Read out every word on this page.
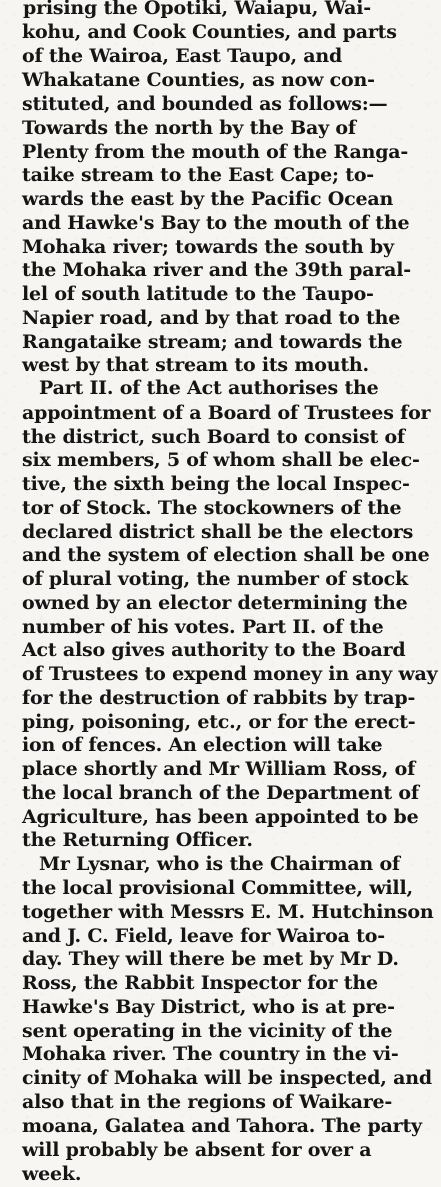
prising the Opotiki, Waiapu, Wai-
kohu, and Cook Counties, and parts
of the Wairoa, East Taupo, and
Whakatane Counties, as now con-
stituted, and bounded as follows:—
Towards the north by the Bay of
Plenty from the mouth of the Ranga-
taike stream to the East Cape; to-
wards the east by the Pacific Ocean
and Hawke's Bay to the mouth of the
Mohaka river; towards the south by
the Mohaka river and the 39th paral-
lel of south latitude to the Taupo-
Napier road, and by that road to the
Rangataike stream; and towards the
west by that stream to its mouth.
Part II. of the Act authorises the
appointment of a Board of Trustees for
the district, such Board to consist of
six members, 5 of whom shall be elec-
tive, the sixth being the local Inspec-
tor of Stock. The stockowners of the
declared district shall be the electors
and the system of election shall be one
of plural voting, the number of stock
owned by an elector determining the
number of his votes. Part II. of the
Act also gives authority to the Board
of Trustees to expend money in any way
for the destruction of rabbits by trap-
ping, poisoning, etc., or for the erect-
ion of fences. An election will take
place shortly and Mr William Ross, of
the local branch of the Department of
Agriculture, has been appointed to be
the Returning Officer.
Mr Lysnar, who is the Chairman of
the local provisional Committee, will,
together with Messrs E. M. Hutchinson
and J. C. Field, leave for Wairoa to-
day. They will there be met by Mr D.
Ross, the Rabbit Inspector for the
Hawke's Bay District, who is at pre-
sent operating in the vicinity of the
Mohaka river. The country in the vi-
cinity of Mohaka will be inspected, and
also that in the regions of Waikare-
moana, Galatea and Tahora. The party
will probably be absent for over a
week.
